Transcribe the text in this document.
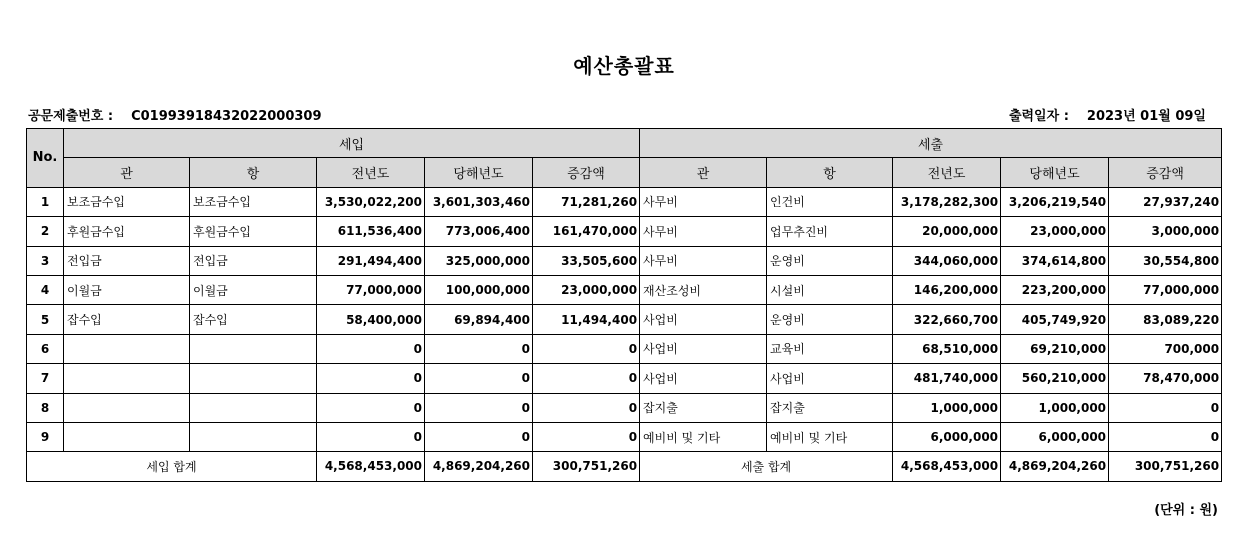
예산총괄표
공문제출번호 : C01993918432022000309	출력일자 : 2023년 01월 09일
No.	세입					세출				
	관	항	전년도	당해년도	증감액	관	항	전년도	당해년도	증감액
1	보조금수입	보조금수입	3,530,022,200	3,601,303,460	71,281,260	사무비	인건비	3,178,282,300	3,206,219,540	27,937,240
2	후원금수입	후원금수입	611,536,400	773,006,400	161,470,000	사무비	업무추진비	20,000,000	23,000,000	3,000,000
3	전입금	전입금	291,494,400	325,000,000	33,505,600	사무비	운영비	344,060,000	374,614,800	30,554,800
4	이월금	이월금	77,000,000	100,000,000	23,000,000	재산조성비	시설비	146,200,000	223,200,000	77,000,000
5	잡수입	잡수입	58,400,000	69,894,400	11,494,400	사업비	운영비	322,660,700	405,749,920	83,089,220
6			0	0	0	사업비	교육비	68,510,000	69,210,000	700,000
7			0	0	0	사업비	사업비	481,740,000	560,210,000	78,470,000
8			0	0	0	잡지출	잡지출	1,000,000	1,000,000	0
9			0	0	0	예비비 및 기타	예비비 및 기타	6,000,000	6,000,000	0
세입 합계			4,568,453,000	4,869,204,260	300,751,260	세출 합계		4,568,453,000	4,869,204,260	300,751,260
(단위 : 원)
